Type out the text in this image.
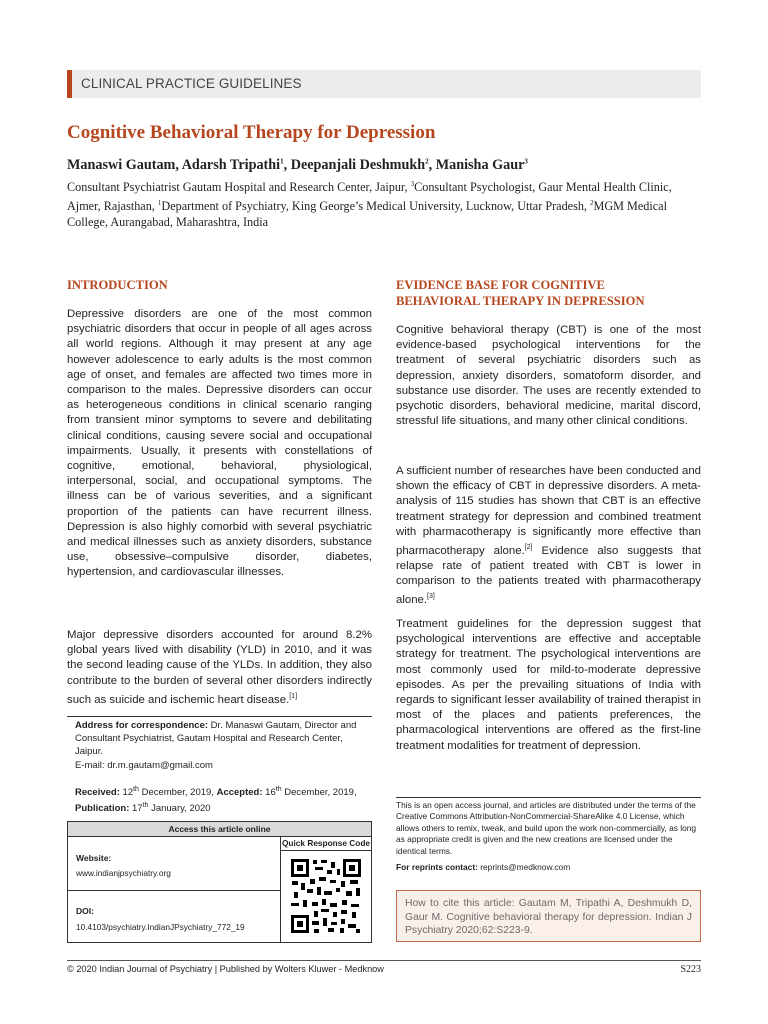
CLINICAL PRACTICE GUIDELINES
Cognitive Behavioral Therapy for Depression

Manaswi Gautam, Adarsh Tripathi$^1$, Deepanjali Deshmukh$^2$, Manisha Gaur$^3$

Consultant Psychiatrist Gautam Hospital and Research Center, Jaipur, $^3$Consultant Psychologist, Gaur Mental Health Clinic, Ajmer, Rajasthan, $^1$Department of Psychiatry, King George’s Medical University, Lucknow, Uttar Pradesh, $^2$MGM Medical College, Aurangabad, Maharashtra, India

INTRODUCTION

Depressive disorders are one of the most common psychiatric disorders that occur in people of all ages across all world regions. Although it may present at any age however adolescence to early adults is the most common age of onset, and females are affected two times more in comparison to the males. Depressive disorders can occur as heterogeneous conditions in clinical scenario ranging from transient minor symptoms to severe and debilitating clinical conditions, causing severe social and occupational impairments. Usually, it presents with constellations of cognitive, emotional, behavioral, physiological, interpersonal, social, and occupational symptoms. The illness can be of various severities, and a significant proportion of the patients can have recurrent illness. Depression is also highly comorbid with several psychiatric and medical illnesses such as anxiety disorders, substance use, obsessive–compulsive disorder, diabetes, hypertension, and cardiovascular illnesses.

Major depressive disorders accounted for around 8.2% global years lived with disability (YLD) in 2010, and it was the second leading cause of the YLDs. In addition, they also contribute to the burden of several other disorders indirectly such as suicide and ischemic heart disease.[1]

Address for correspondence: Dr. Manaswi Gautam, Director and Consultant Psychiatrist, Gautam Hospital and Research Center, Jaipur.
E-mail: dr.m.gautam@gmail.com

Received: 12th December, 2019, Accepted: 16th December, 2019,
Publication: 17th January, 2020

Access this article online
Quick Response Code
Website:
www.indianjpsychiatry.org
DOI:
10.4103/psychiatry.IndianJPsychiatry_772_19
EVIDENCE BASE FOR COGNITIVE
BEHAVIORAL THERAPY IN DEPRESSION

Cognitive behavioral therapy (CBT) is one of the most evidence-based psychological interventions for the treatment of several psychiatric disorders such as depression, anxiety disorders, somatoform disorder, and substance use disorder. The uses are recently extended to psychotic disorders, behavioral medicine, marital discord, stressful life situations, and many other clinical conditions.

A sufficient number of researches have been conducted and shown the efficacy of CBT in depressive disorders. A meta-analysis of 115 studies has shown that CBT is an effective treatment strategy for depression and combined treatment with pharmacotherapy is significantly more effective than pharmacotherapy alone.[2] Evidence also suggests that relapse rate of patient treated with CBT is lower in comparison to the patients treated with pharmacotherapy alone.[3]

Treatment guidelines for the depression suggest that psychological interventions are effective and acceptable strategy for treatment. The psychological interventions are most commonly used for mild-to-moderate depressive episodes. As per the prevailing situations of India with regards to significant lesser availability of trained therapist in most of the places and patients preferences, the pharmacological interventions are offered as the first-line treatment modalities for treatment of depression.

This is an open access journal, and articles are distributed under the terms of the Creative Commons Attribution-NonCommercial-ShareAlike 4.0 License, which allows others to remix, tweak, and build upon the work non-commercially, as long as appropriate credit is given and the new creations are licensed under the identical terms.

For reprints contact: reprints@medknow.com

How to cite this article: Gautam M, Tripathi A, Deshmukh D, Gaur M. Cognitive behavioral therapy for depression. Indian J Psychiatry 2020;62:S223-9.
© 2020 Indian Journal of Psychiatry | Published by Wolters Kluwer - Medknow	S223
